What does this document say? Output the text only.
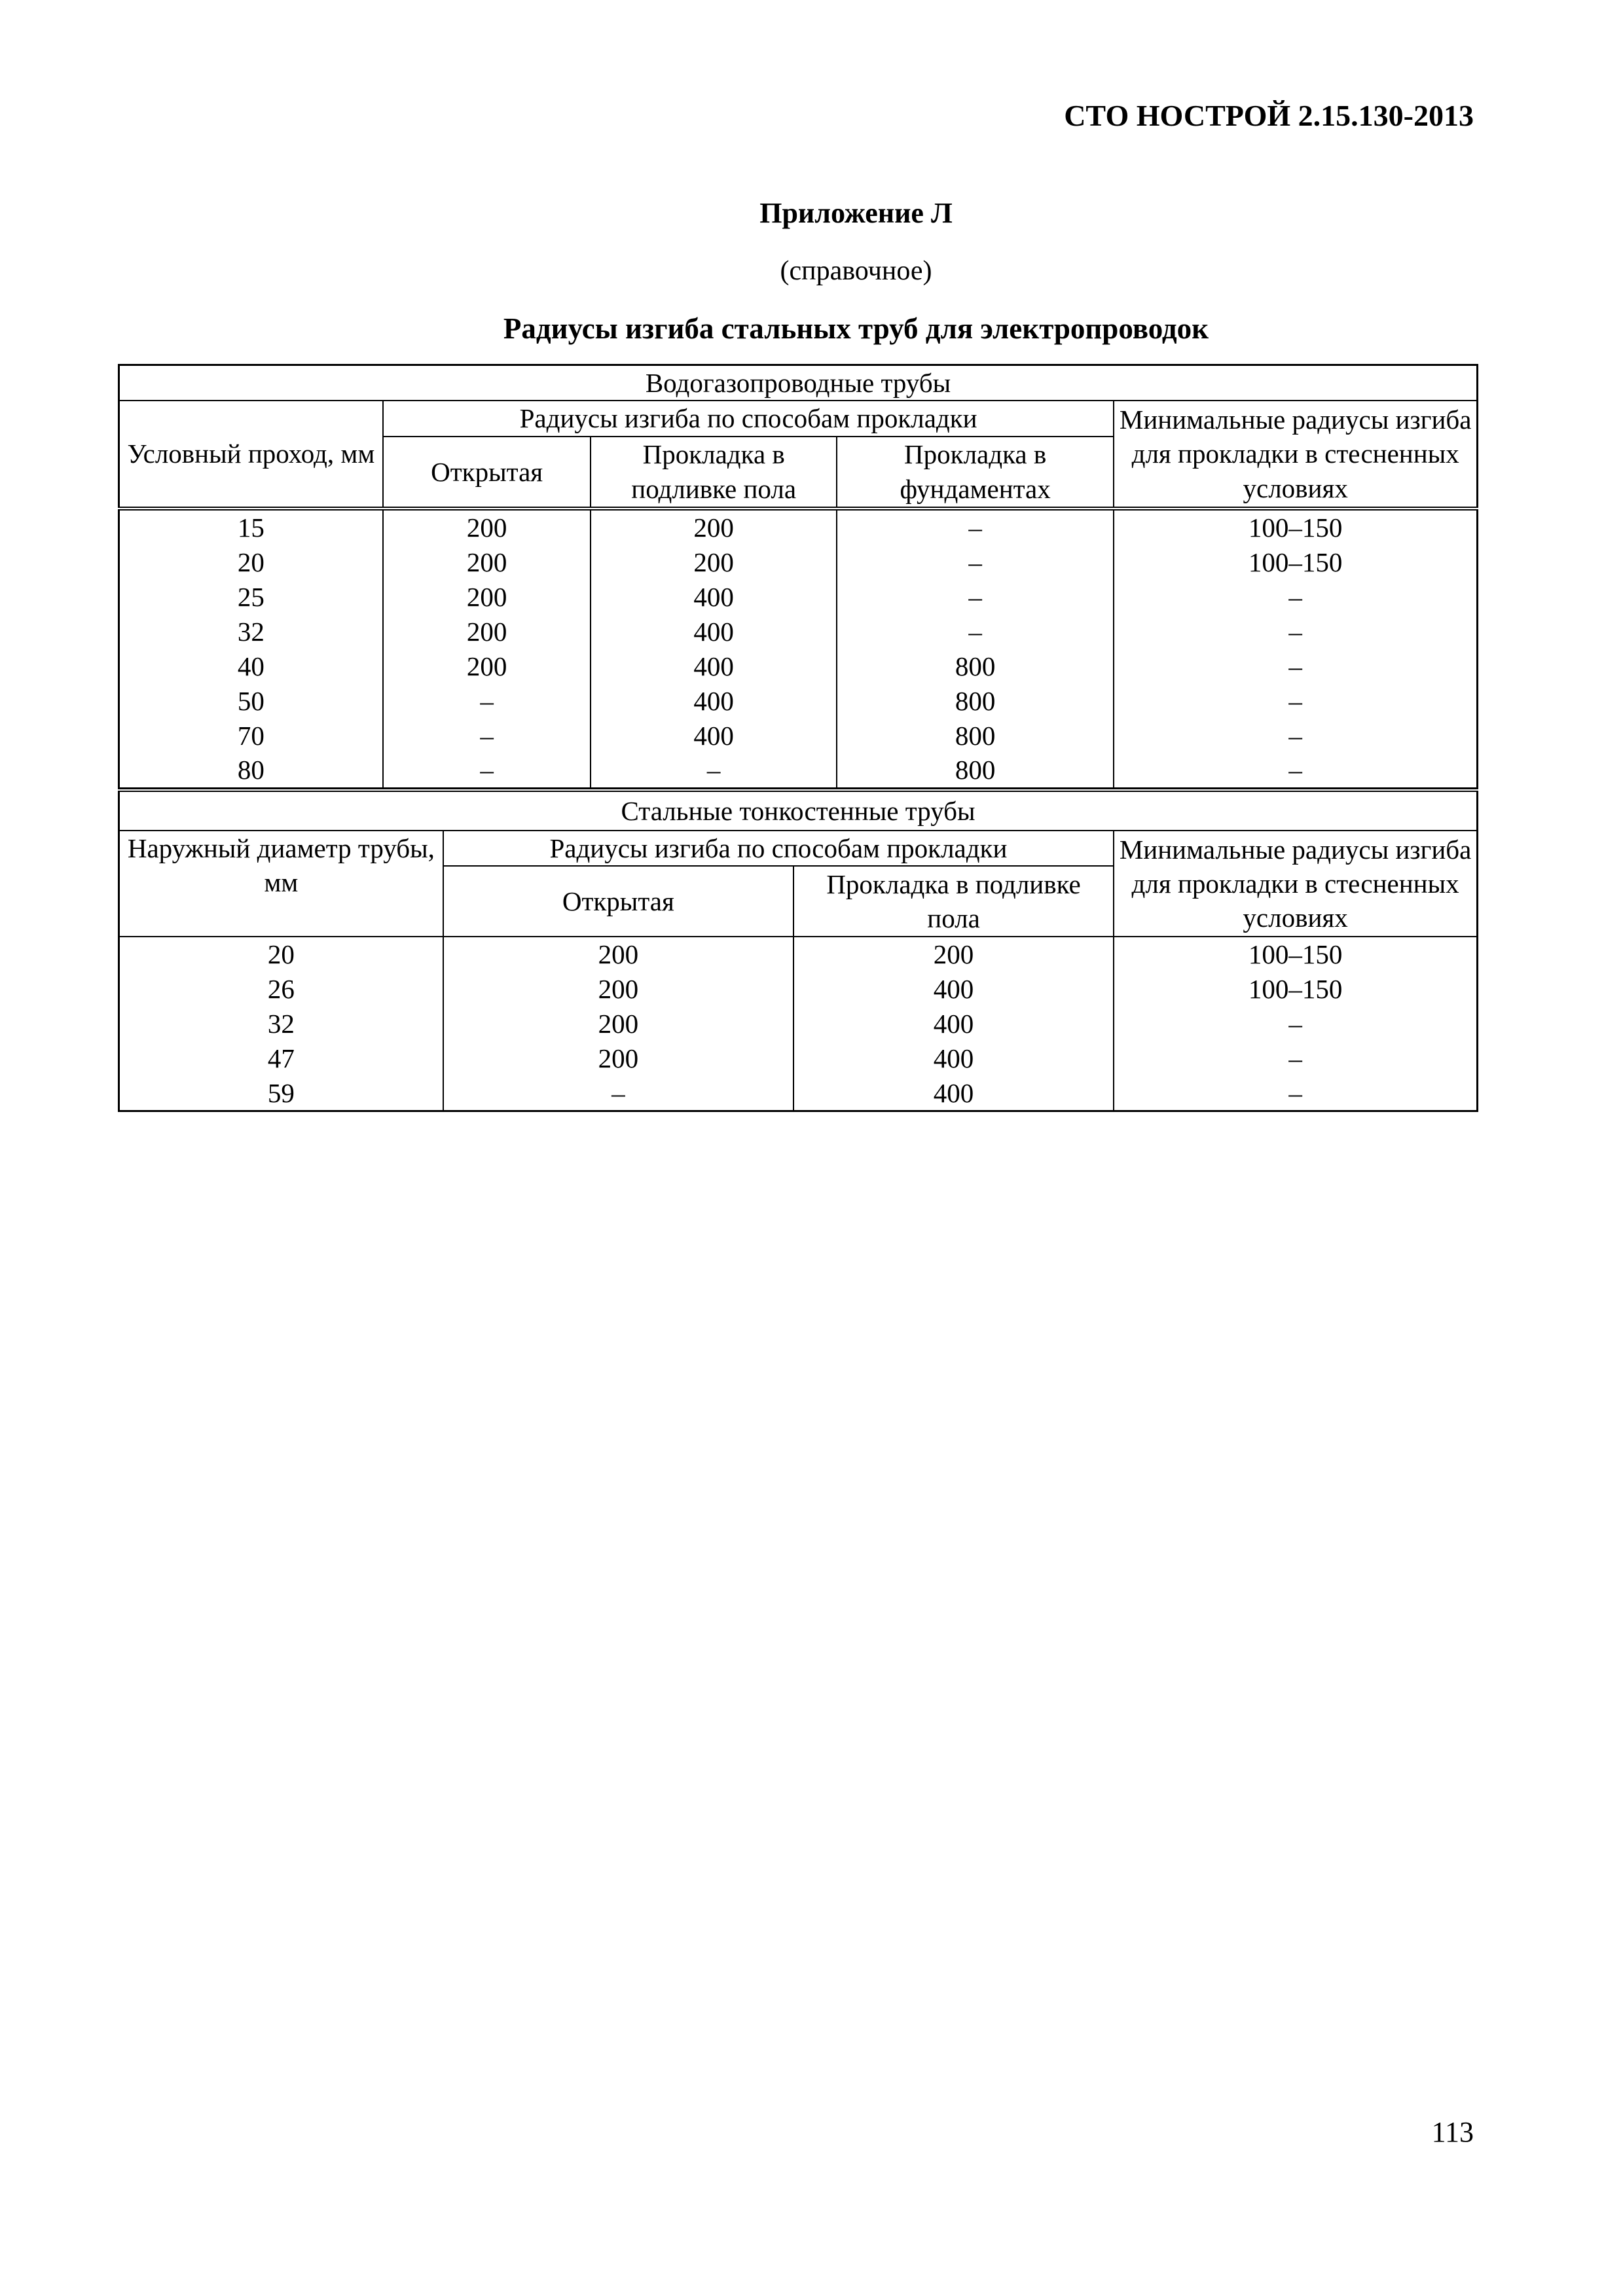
СТО НОСТРОЙ 2.15.130-2013
Приложение Л
(справочное)
Радиусы изгиба стальных труб для электропроводок
Водогазопроводные трубы				
Условный проход, мм	Радиусы изгиба по способам прокладки			Минимальные радиусы изгиба для прокладки в стесненных условиях
	Открытая	Прокладка в подливке пола	Прокладка в фундаментах	
15	200	200	–	100–150
20	200	200	–	100–150
25	200	400	–	–
32	200	400	–	–
40	200	400	800	–
50	–	400	800	–
70	–	400	800	–
80	–	–	800	–
Стальные тонкостенные трубы			
Наружный диаметр трубы, мм	Радиусы изгиба по способам прокладки		Минимальные радиусы изгиба для прокладки в стесненных условиях
	Открытая	Прокладка в подливке пола	
20	200	200	100–150
26	200	400	100–150
32	200	400	–
47	200	400	–
59	–	400	–
113
